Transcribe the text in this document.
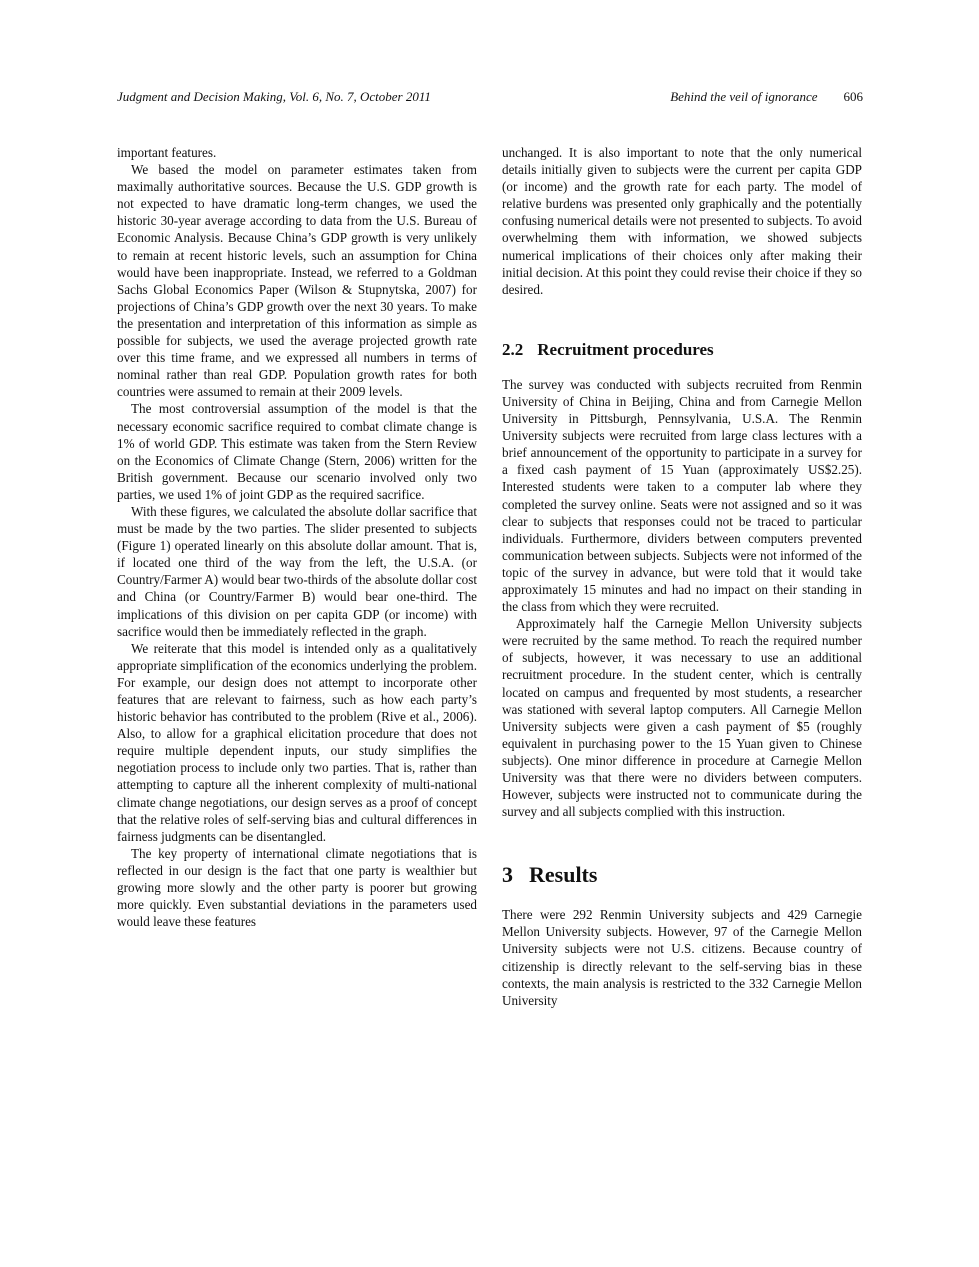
Judgment and Decision Making, Vol. 6, No. 7, October 2011	Behind the veil of ignorance 606

important features.

We based the model on parameter estimates taken from maximally authoritative sources. Because the U.S. GDP growth is not expected to have dramatic long-term changes, we used the historic 30-year average according to data from the U.S. Bureau of Economic Analysis. Because China’s GDP growth is very unlikely to remain at recent historic levels, such an assumption for China would have been inappropriate. Instead, we referred to a Goldman Sachs Global Economics Paper (Wilson & Stupnytska, 2007) for projections of China’s GDP growth over the next 30 years. To make the presentation and interpretation of this information as simple as possible for subjects, we used the average projected growth rate over this time frame, and we expressed all numbers in terms of nominal rather than real GDP. Population growth rates for both countries were assumed to remain at their 2009 levels.

The most controversial assumption of the model is that the necessary economic sacrifice required to combat climate change is 1% of world GDP. This estimate was taken from the Stern Review on the Economics of Climate Change (Stern, 2006) written for the British government. Because our scenario involved only two parties, we used 1% of joint GDP as the required sacrifice.

With these figures, we calculated the absolute dollar sacrifice that must be made by the two parties. The slider presented to subjects (Figure 1) operated linearly on this absolute dollar amount. That is, if located one third of the way from the left, the U.S.A. (or Country/Farmer A) would bear two-thirds of the absolute dollar cost and China (or Country/Farmer B) would bear one-third. The implications of this division on per capita GDP (or income) with sacrifice would then be immediately reflected in the graph.

We reiterate that this model is intended only as a qualitatively appropriate simplification of the economics underlying the problem. For example, our design does not attempt to incorporate other features that are relevant to fairness, such as how each party’s historic behavior has contributed to the problem (Rive et al., 2006). Also, to allow for a graphical elicitation procedure that does not require multiple dependent inputs, our study simplifies the negotiation process to include only two parties. That is, rather than attempting to capture all the inherent complexity of multi-national climate change negotiations, our design serves as a proof of concept that the relative roles of self-serving bias and cultural differences in fairness judgments can be disentangled.

The key property of international climate negotiations that is reflected in our design is the fact that one party is wealthier but growing more slowly and the other party is poorer but growing more quickly. Even substantial deviations in the parameters used would leave these features

unchanged. It is also important to note that the only numerical details initially given to subjects were the current per capita GDP (or income) and the growth rate for each party. The model of relative burdens was presented only graphically and the potentially confusing numerical details were not presented to subjects. To avoid overwhelming them with information, we showed subjects numerical implications of their choices only after making their initial decision. At this point they could revise their choice if they so desired.

2.2 Recruitment procedures

The survey was conducted with subjects recruited from Renmin University of China in Beijing, China and from Carnegie Mellon University in Pittsburgh, Pennsylvania, U.S.A. The Renmin University subjects were recruited from large class lectures with a brief announcement of the opportunity to participate in a survey for a fixed cash payment of 15 Yuan (approximately US$2.25). Interested students were taken to a computer lab where they completed the survey online. Seats were not assigned and so it was clear to subjects that responses could not be traced to particular individuals. Furthermore, dividers between computers prevented communication between subjects. Subjects were not informed of the topic of the survey in advance, but were told that it would take approximately 15 minutes and had no impact on their standing in the class from which they were recruited.

Approximately half the Carnegie Mellon University subjects were recruited by the same method. To reach the required number of subjects, however, it was necessary to use an additional recruitment procedure. In the student center, which is centrally located on campus and frequented by most students, a researcher was stationed with several laptop computers. All Carnegie Mellon University subjects were given a cash payment of $5 (roughly equivalent in purchasing power to the 15 Yuan given to Chinese subjects). One minor difference in procedure at Carnegie Mellon University was that there were no dividers between computers. However, subjects were instructed not to communicate during the survey and all subjects complied with this instruction.

3 Results

There were 292 Renmin University subjects and 429 Carnegie Mellon University subjects. However, 97 of the Carnegie Mellon University subjects were not U.S. citizens. Because country of citizenship is directly relevant to the self-serving bias in these contexts, the main analysis is restricted to the 332 Carnegie Mellon University
